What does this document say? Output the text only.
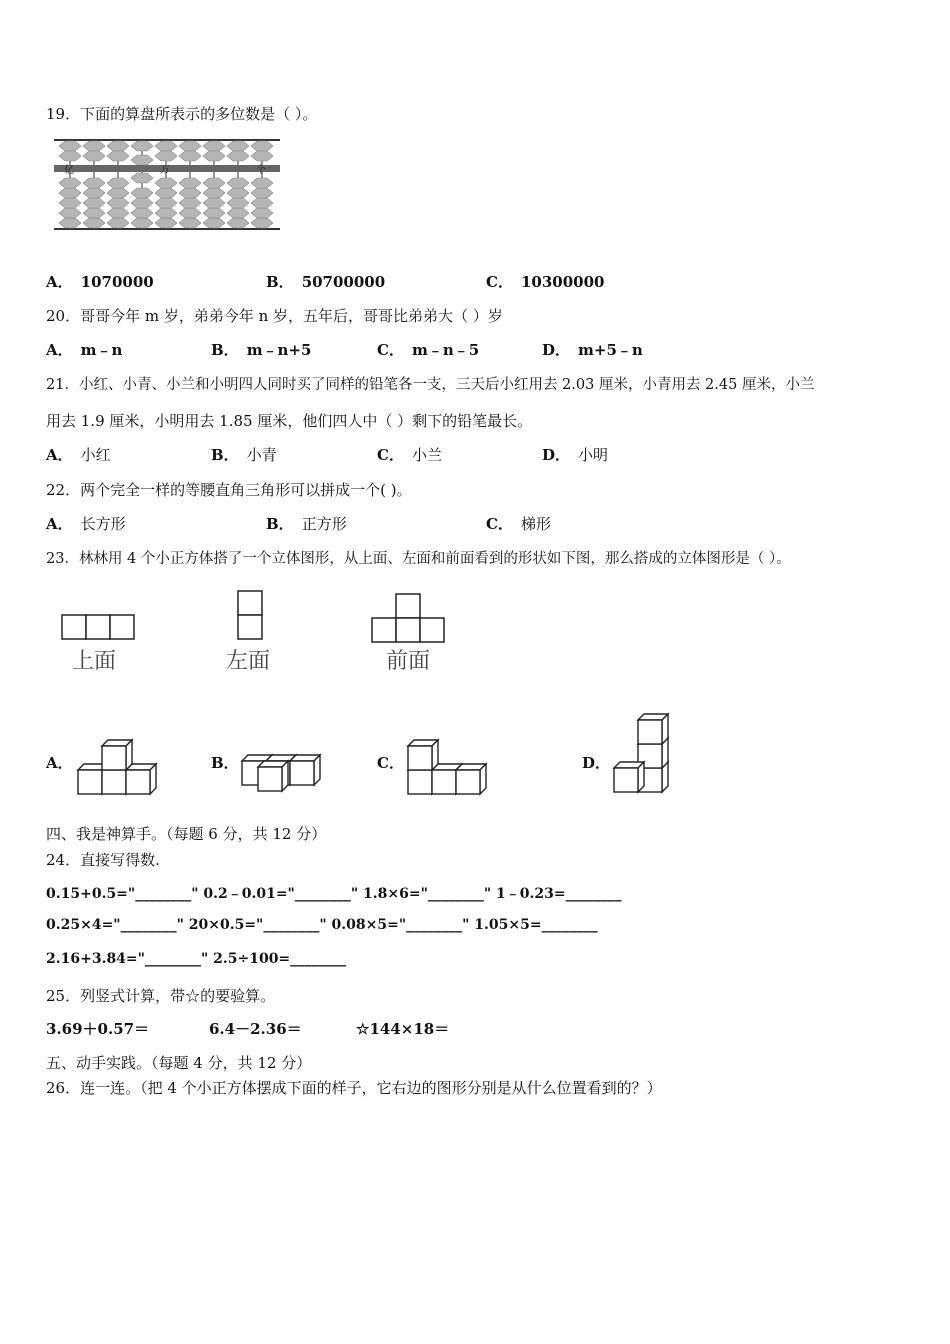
19．下面的算盘所表示的多位数是（ ）。
亿	万	个
A． 1070000	B． 50700000	C． 10300000
20．哥哥今年 m 岁，弟弟今年 n 岁，五年后，哥哥比弟弟大（ ）岁
A． m﹣n	B． m﹣n+5	C． m﹣n﹣5	D． m+5﹣n
21．小红、小青、小兰和小明四人同时买了同样的铅笔各一支，三天后小红用去 2.03 厘米，小青用去 2.45 厘米，小兰
用去 1.9 厘米，小明用去 1.85 厘米，他们四人中（ ）剩下的铅笔最长。
A． 小红	B． 小青	C． 小兰	D． 小明
22．两个完全一样的等腰直角三角形可以拼成一个( )。
A． 长方形	B． 正方形	C． 梯形
23．林林用 4 个小正方体搭了一个立体图形，从上面、左面和前面看到的形状如下图，那么搭成的立体图形是（ ）。
上面	左面	前面
A．	B．	C．	D．
四、我是神算手。（每题 6 分，共 12 分）
24．直接写得数.
0.15+0.5="________" 0.2﹣0.01="________" 1.8×6="________" 1﹣0.23=________
0.25×4="________" 20×0.5="________" 0.08×5="________" 1.05×5=________
2.16+3.84="________" 2.5÷100=________
25．列竖式计算，带☆的要验算。
3.69＋0.57＝	6.4－2.36＝	☆144×18＝
五、动手实践。（每题 4 分，共 12 分）
26．连一连。（把 4 个小正方体摆成下面的样子，它右边的图形分别是从什么位置看到的？）
